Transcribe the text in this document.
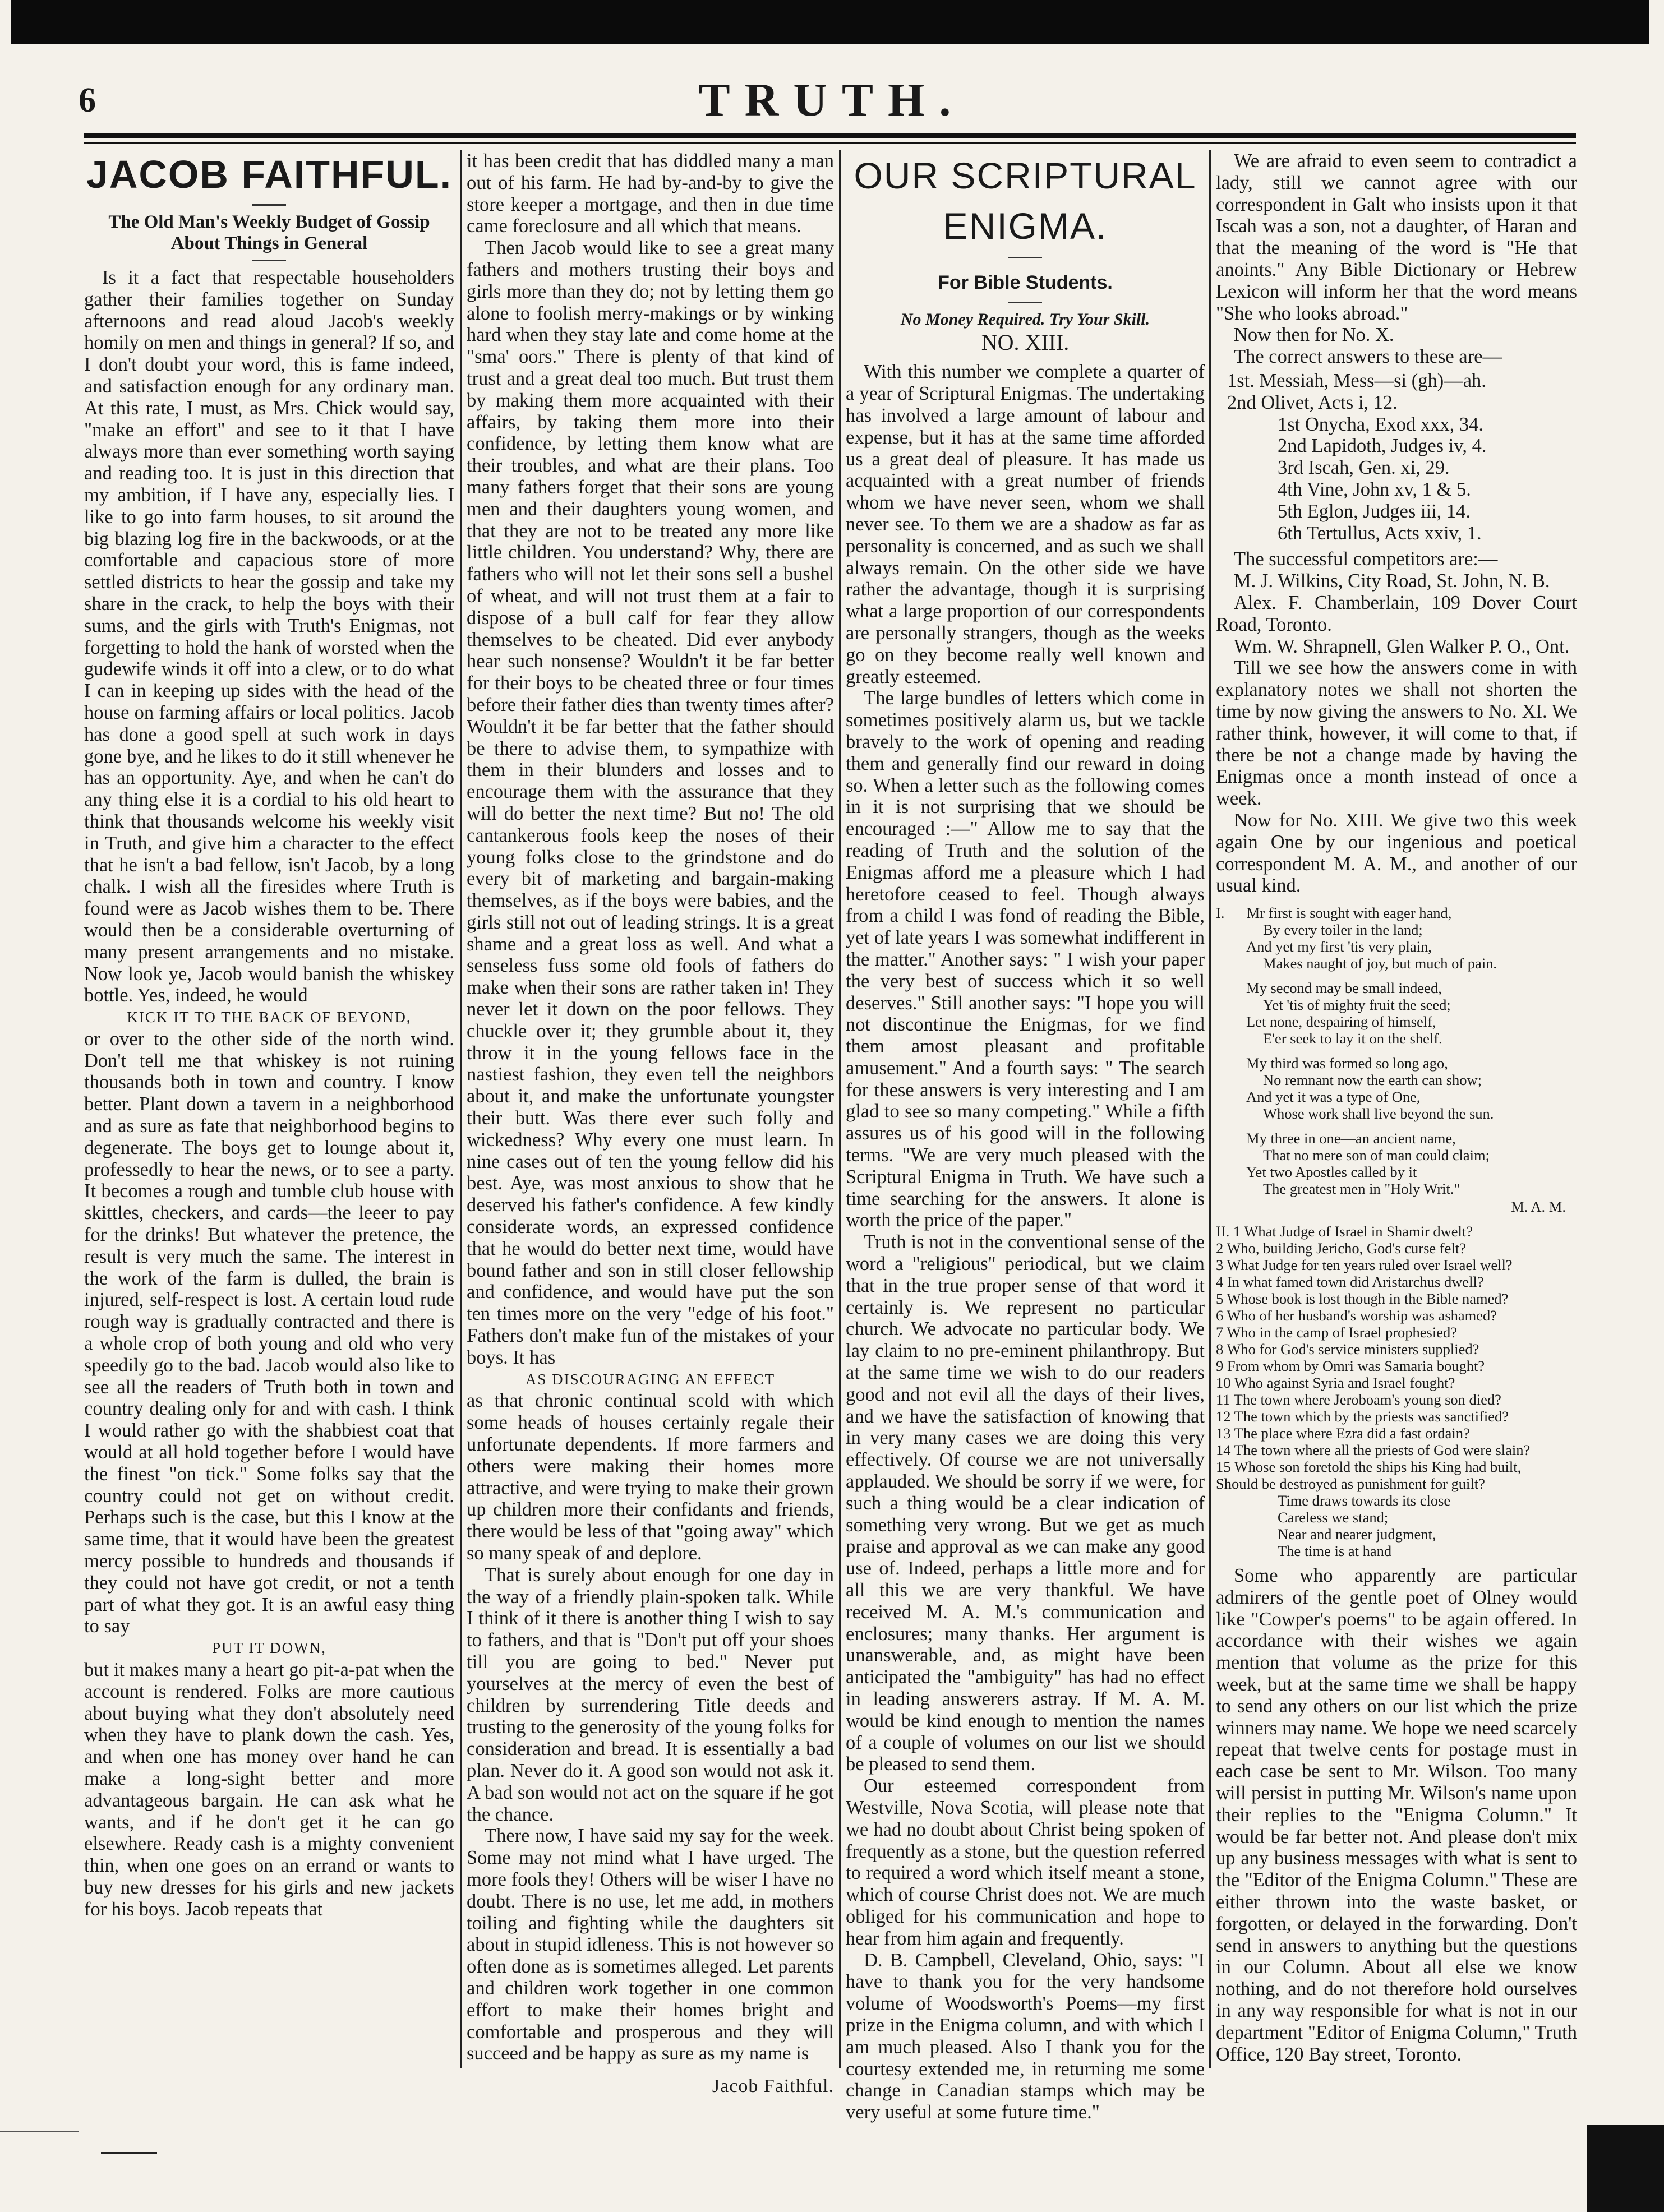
6	TRUTH.
JACOB FAITHFUL.
The Old Man's Weekly Budget of Gossip About Things in General

Is it a fact that respectable householders gather their families together on Sunday afternoons and read aloud Jacob's weekly homily on men and things in general? If so, and I don't doubt your word, this is fame indeed, and satisfaction enough for any ordinary man. At this rate, I must, as Mrs. Chick would say, "make an effort" and see to it that I have always more than ever something worth saying and reading too. It is just in this direction that my ambition, if I have any, especially lies. I like to go into farm houses, to sit around the big blazing log fire in the backwoods, or at the comfortable and capacious store of more settled districts to hear the gossip and take my share in the crack, to help the boys with their sums, and the girls with Truth's Enigmas, not forgetting to hold the hank of worsted when the gudewife winds it off into a clew, or to do what I can in keeping up sides with the head of the house on farming affairs or local politics. Jacob has done a good spell at such work in days gone bye, and he likes to do it still whenever he has an opportunity. Aye, and when he can't do any thing else it is a cordial to his old heart to think that thousands welcome his weekly visit in Truth, and give him a character to the effect that he isn't a bad fellow, isn't Jacob, by a long chalk. I wish all the firesides where Truth is found were as Jacob wishes them to be. There would then be a considerable overturning of many present arrangements and no mistake. Now look ye, Jacob would banish the whiskey bottle. Yes, indeed, he would

KICK IT TO THE BACK OF BEYOND,

or over to the other side of the north wind. Don't tell me that whiskey is not ruining thousands both in town and country. I know better. Plant down a tavern in a neighborhood and as sure as fate that neighborhood begins to degenerate. The boys get to lounge about it, professedly to hear the news, or to see a party. It becomes a rough and tumble club house with skittles, checkers, and cards—the leeer to pay for the drinks! But whatever the pretence, the result is very much the same. The interest in the work of the farm is dulled, the brain is injured, self-respect is lost. A certain loud rude rough way is gradually contracted and there is a whole crop of both young and old who very speedily go to the bad. Jacob would also like to see all the readers of Truth both in town and country dealing only for and with cash. I think I would rather go with the shabbiest coat that would at all hold together before I would have the finest "on tick." Some folks say that the country could not get on without credit. Perhaps such is the case, but this I know at the same time, that it would have been the greatest mercy possible to hundreds and thousands if they could not have got credit, or not a tenth part of what they got. It is an awful easy thing to say

PUT IT DOWN,

but it makes many a heart go pit-a-pat when the account is rendered. Folks are more cautious about buying what they don't absolutely need when they have to plank down the cash. Yes, and when one has money over hand he can make a long-sight better and more advantageous bargain. He can ask what he wants, and if he don't get it he can go elsewhere. Ready cash is a mighty convenient thin, when one goes on an errand or wants to buy new dresses for his girls and new jackets for his boys. Jacob repeats that

it has been credit that has diddled many a man out of his farm. He had by-and-by to give the store keeper a mortgage, and then in due time came foreclosure and all which that means.

Then Jacob would like to see a great many fathers and mothers trusting their boys and girls more than they do; not by letting them go alone to foolish merry-makings or by winking hard when they stay late and come home at the "sma' oors." There is plenty of that kind of trust and a great deal too much. But trust them by making them more acquainted with their affairs, by taking them more into their confidence, by letting them know what are their troubles, and what are their plans. Too many fathers forget that their sons are young men and their daughters young women, and that they are not to be treated any more like little children. You understand? Why, there are fathers who will not let their sons sell a bushel of wheat, and will not trust them at a fair to dispose of a bull calf for fear they allow themselves to be cheated. Did ever anybody hear such nonsense? Wouldn't it be far better for their boys to be cheated three or four times before their father dies than twenty times after? Wouldn't it be far better that the father should be there to advise them, to sympathize with them in their blunders and losses and to encourage them with the assurance that they will do better the next time? But no! The old cantankerous fools keep the noses of their young folks close to the grindstone and do every bit of marketing and bargain-making themselves, as if the boys were babies, and the girls still not out of leading strings. It is a great shame and a great loss as well. And what a senseless fuss some old fools of fathers do make when their sons are rather taken in! They never let it down on the poor fellows. They chuckle over it; they grumble about it, they throw it in the young fellows face in the nastiest fashion, they even tell the neighbors about it, and make the unfortunate youngster their butt. Was there ever such folly and wickedness? Why every one must learn. In nine cases out of ten the young fellow did his best. Aye, was most anxious to show that he deserved his father's confidence. A few kindly considerate words, an expressed confidence that he would do better next time, would have bound father and son in still closer fellowship and confidence, and would have put the son ten times more on the very "edge of his foot." Fathers don't make fun of the mistakes of your boys. It has

AS DISCOURAGING AN EFFECT

as that chronic continual scold with which some heads of houses certainly regale their unfortunate dependents. If more farmers and others were making their homes more attractive, and were trying to make their grown up children more their confidants and friends, there would be less of that "going away" which so many speak of and deplore.

That is surely about enough for one day in the way of a friendly plain-spoken talk. While I think of it there is another thing I wish to say to fathers, and that is "Don't put off your shoes till you are going to bed." Never put yourselves at the mercy of even the best of children by surrendering Title deeds and trusting to the generosity of the young folks for consideration and bread. It is essentially a bad plan. Never do it. A good son would not ask it. A bad son would not act on the square if he got the chance.

There now, I have said my say for the week. Some may not mind what I have urged. The more fools they! Others will be wiser I have no doubt. There is no use, let me add, in mothers toiling and fighting while the daughters sit about in stupid idleness. This is not however so often done as is sometimes alleged. Let parents and children work together in one common effort to make their homes bright and comfortable and prosperous and they will succeed and be happy as sure as my name is

Jacob Faithful.
OUR SCRIPTURAL ENIGMA.
For Bible Students.
No Money Required. Try Your Skill.
NO. XIII.

With this number we complete a quarter of a year of Scriptural Enigmas. The undertaking has involved a large amount of labour and expense, but it has at the same time afforded us a great deal of pleasure. It has made us acquainted with a great number of friends whom we have never seen, whom we shall never see. To them we are a shadow as far as personality is concerned, and as such we shall always remain. On the other side we have rather the advantage, though it is surprising what a large proportion of our correspondents are personally strangers, though as the weeks go on they become really well known and greatly esteemed.

The large bundles of letters which come in sometimes positively alarm us, but we tackle bravely to the work of opening and reading them and generally find our reward in doing so. When a letter such as the following comes in it is not surprising that we should be encouraged :—" Allow me to say that the reading of Truth and the solution of the Enigmas afford me a pleasure which I had heretofore ceased to feel. Though always from a child I was fond of reading the Bible, yet of late years I was somewhat indifferent in the matter." Another says: " I wish your paper the very best of success which it so well deserves." Still another says: "I hope you will not discontinue the Enigmas, for we find them amost pleasant and profitable amusement." And a fourth says: " The search for these answers is very interesting and I am glad to see so many competing." While a fifth assures us of his good will in the following terms. "We are very much pleased with the Scriptural Enigma in Truth. We have such a time searching for the answers. It alone is worth the price of the paper."

Truth is not in the conventional sense of the word a "religious" periodical, but we claim that in the true proper sense of that word it certainly is. We represent no particular church. We advocate no particular body. We lay claim to no pre-eminent philanthropy. But at the same time we wish to do our readers good and not evil all the days of their lives, and we have the satisfaction of knowing that in very many cases we are doing this very effectively. Of course we are not universally applauded. We should be sorry if we were, for such a thing would be a clear indication of something very wrong. But we get as much praise and approval as we can make any good use of. Indeed, perhaps a little more and for all this we are very thankful. We have received M. A. M.'s communication and enclosures; many thanks. Her argument is unanswerable, and, as might have been anticipated the "ambiguity" has had no effect in leading answerers astray. If M. A. M. would be kind enough to mention the names of a couple of volumes on our list we should be pleased to send them.

Our esteemed correspondent from Westville, Nova Scotia, will please note that we had no doubt about Christ being spoken of frequently as a stone, but the question referred to required a word which itself meant a stone, which of course Christ does not. We are much obliged for his communication and hope to hear from him again and frequently.

D. B. Campbell, Cleveland, Ohio, says: "I have to thank you for the very handsome volume of Woodsworth's Poems—my first prize in the Enigma column, and with which I am much pleased. Also I thank you for the courtesy extended me, in returning me some change in Canadian stamps which may be very useful at some future time."

We are afraid to even seem to contradict a lady, still we cannot agree with our correspondent in Galt who insists upon it that Iscah was a son, not a daughter, of Haran and that the meaning of the word is "He that anoints." Any Bible Dictionary or Hebrew Lexicon will inform her that the word means "She who looks abroad."

Now then for No. X.

The correct answers to these are—

1st. Messiah, Mess—si (gh)—ah.
2nd Olivet, Acts i, 12.
1st Onycha, Exod xxx, 34.
2nd Lapidoth, Judges iv, 4.
3rd Iscah, Gen. xi, 29.
4th Vine, John xv, 1 & 5.
5th Eglon, Judges iii, 14.
6th Tertullus, Acts xxiv, 1.

The successful competitors are:—

M. J. Wilkins, City Road, St. John, N. B.

Alex. F. Chamberlain, 109 Dover Court Road, Toronto.

Wm. W. Shrapnell, Glen Walker P. O., Ont.

Till we see how the answers come in with explanatory notes we shall not shorten the time by now giving the answers to No. XI. We rather think, however, it will come to that, if there be not a change made by having the Enigmas once a month instead of once a week.

Now for No. XIII. We give two this week again One by our ingenious and poetical correspondent M. A. M., and another of our usual kind.

I. Mr first is sought with eager hand,
By every toiler in the land;
And yet my first 'tis very plain,
Makes naught of joy, but much of pain.
My second may be small indeed,
Yet 'tis of mighty fruit the seed;
Let none, despairing of himself,
E'er seek to lay it on the shelf.
My third was formed so long ago,
No remnant now the earth can show;
And yet it was a type of One,
Whose work shall live beyond the sun.
My three in one—an ancient name,
That no mere son of man could claim;
Yet two Apostles called by it
The greatest men in "Holy Writ."
M. A. M.
II. 1 What Judge of Israel in Shamir dwelt?
2 Who, building Jericho, God's curse felt?
3 What Judge for ten years ruled over Israel well?
4 In what famed town did Aristarchus dwell?
5 Whose book is lost though in the Bible named?
6 Who of her husband's worship was ashamed?
7 Who in the camp of Israel prophesied?
8 Who for God's service ministers supplied?
9 From whom by Omri was Samaria bought?
10 Who against Syria and Israel fought?
11 The town where Jeroboam's young son died?
12 The town which by the priests was sanctified?
13 The place where Ezra did a fast ordain?
14 The town where all the priests of God were slain?
15 Whose son foretold the ships his King had built,
Should be destroyed as punishment for guilt?
Time draws towards its close
Careless we stand;
Near and nearer judgment,
The time is at hand

Some who apparently are particular admirers of the gentle poet of Olney would like "Cowper's poems" to be again offered. In accordance with their wishes we again mention that volume as the prize for this week, but at the same time we shall be happy to send any others on our list which the prize winners may name. We hope we need scarcely repeat that twelve cents for postage must in each case be sent to Mr. Wilson. Too many will persist in putting Mr. Wilson's name upon their replies to the "Enigma Column." It would be far better not. And please don't mix up any business messages with what is sent to the "Editor of the Enigma Column." These are either thrown into the waste basket, or forgotten, or delayed in the forwarding. Don't send in answers to anything but the questions in our Column. About all else we know nothing, and do not therefore hold ourselves in any way responsible for what is not in our department "Editor of Enigma Column," Truth Office, 120 Bay street, Toronto.
